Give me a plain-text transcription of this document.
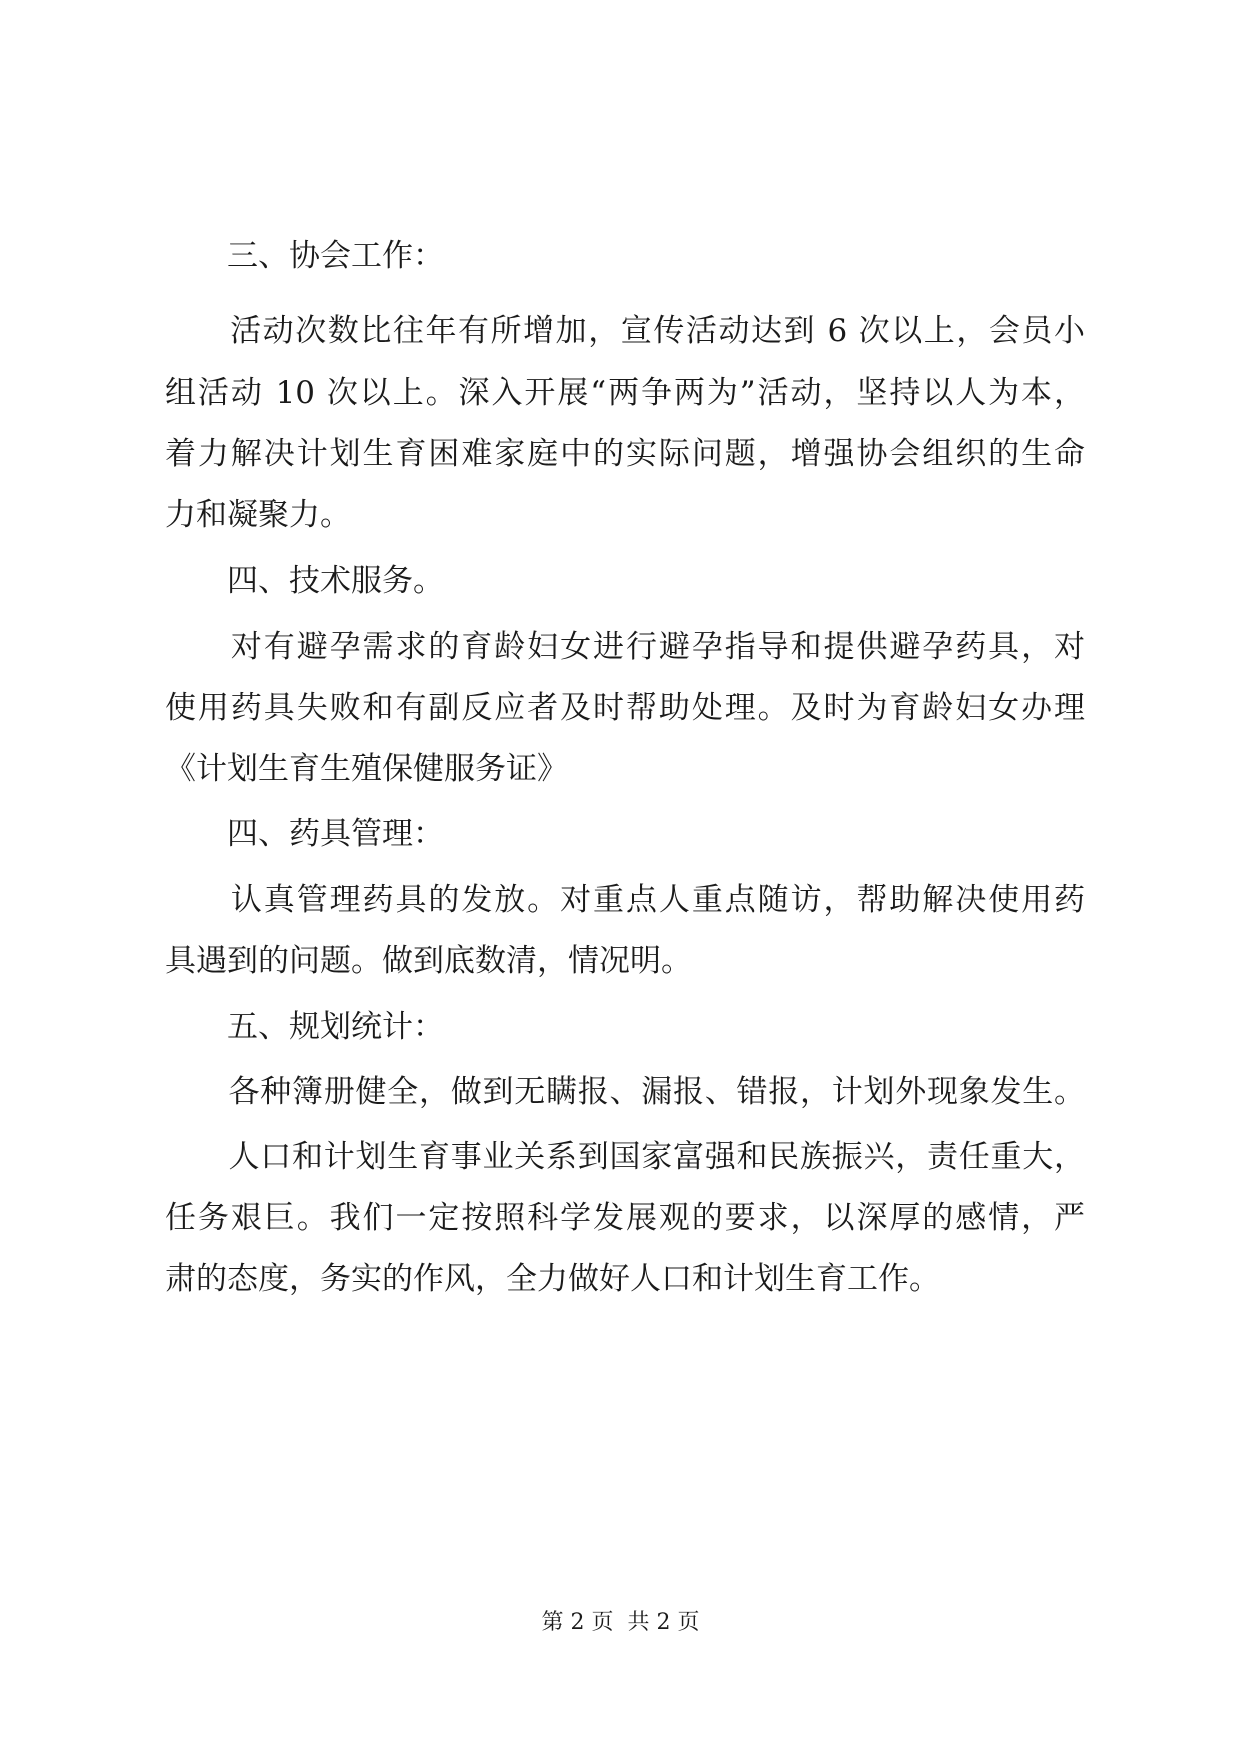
　　三、协会工作：
　　活动次数比往年有所增加，宣传活动达到 6 次以上，会员小
组活动 10 次以上。深入开展“两争两为”活动，坚持以人为本，
着力解决计划生育困难家庭中的实际问题，增强协会组织的生命
力和凝聚力。
　　四、技术服务。
　　对有避孕需求的育龄妇女进行避孕指导和提供避孕药具，对
使用药具失败和有副反应者及时帮助处理。及时为育龄妇女办理
《计划生育生殖保健服务证》
　　四、药具管理：
　　认真管理药具的发放。对重点人重点随访，帮助解决使用药
具遇到的问题。做到底数清，情况明。
　　五、规划统计：
　　各种簿册健全，做到无瞒报、漏报、错报，计划外现象发生。
　　人口和计划生育事业关系到国家富强和民族振兴，责任重大，
任务艰巨。我们一定按照科学发展观的要求，以深厚的感情，严
肃的态度，务实的作风，全力做好人口和计划生育工作。
第 2 页 共 2 页
